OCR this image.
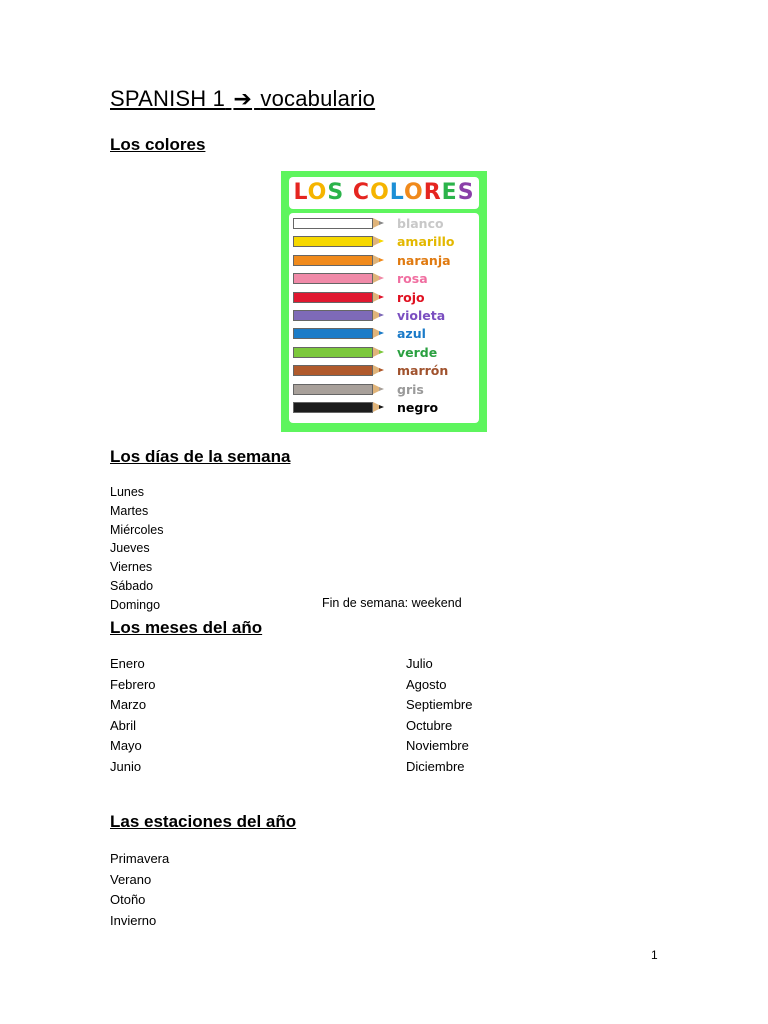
SPANISH 1 ➔ vocabulario
Los colores
LOS COLORES
blanco
amarillo
naranja
rosa
rojo
violeta
azul
verde
marrón
gris
negro

Los días de la semana
Lunes
Martes
Miércoles
Jueves
Viernes
Sábado
Domingo	Fin de semana: weekend
Los meses del año
Enero
Febrero
Marzo
Abril
Mayo
Junio
Julio
Agosto
Septiembre
Octubre
Noviembre
Diciembre
Las estaciones del año
Primavera
Verano
Otoño
Invierno
1
